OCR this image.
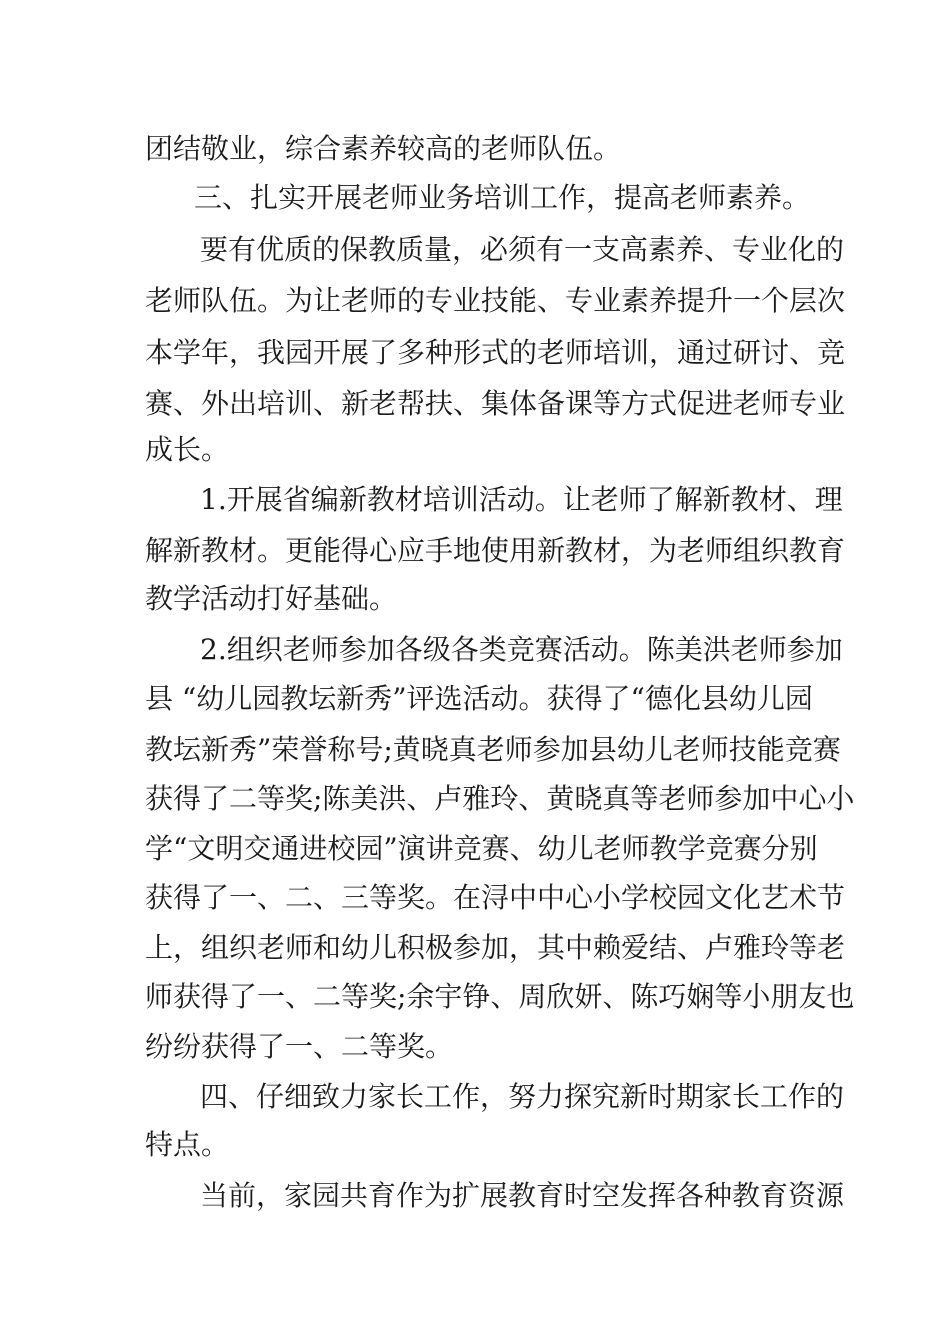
团结敬业，综合素养较高的老师队伍。

三、扎实开展老师业务培训工作，提高老师素养。

要有优质的保教质量，必须有一支高素养、专业化的

老师队伍。为让老师的专业技能、专业素养提升一个层次

本学年，我园开展了多种形式的老师培训，通过研讨、竞

赛、外出培训、新老帮扶、集体备课等方式促进老师专业

成长。

1.开展省编新教材培训活动。让老师了解新教材、理

解新教材。更能得心应手地使用新教材，为老师组织教育

教学活动打好基础。

2.组织老师参加各级各类竞赛活动。陈美洪老师参加

县 “幼儿园教坛新秀”评选活动。获得了“德化县幼儿园

教坛新秀”荣誉称号;黄晓真老师参加县幼儿老师技能竞赛

获得了二等奖;陈美洪、卢雅玲、黄晓真等老师参加中心小

学“文明交通进校园”演讲竞赛、幼儿老师教学竞赛分别

获得了一、二、三等奖。在浔中中心小学校园文化艺术节

上，组织老师和幼儿积极参加，其中赖爱结、卢雅玲等老

师获得了一、二等奖;余宇铮、周欣妍、陈巧娴等小朋友也

纷纷获得了一、二等奖。

四、仔细致力家长工作，努力探究新时期家长工作的

特点。

当前，家园共育作为扩展教育时空发挥各种教育资源
